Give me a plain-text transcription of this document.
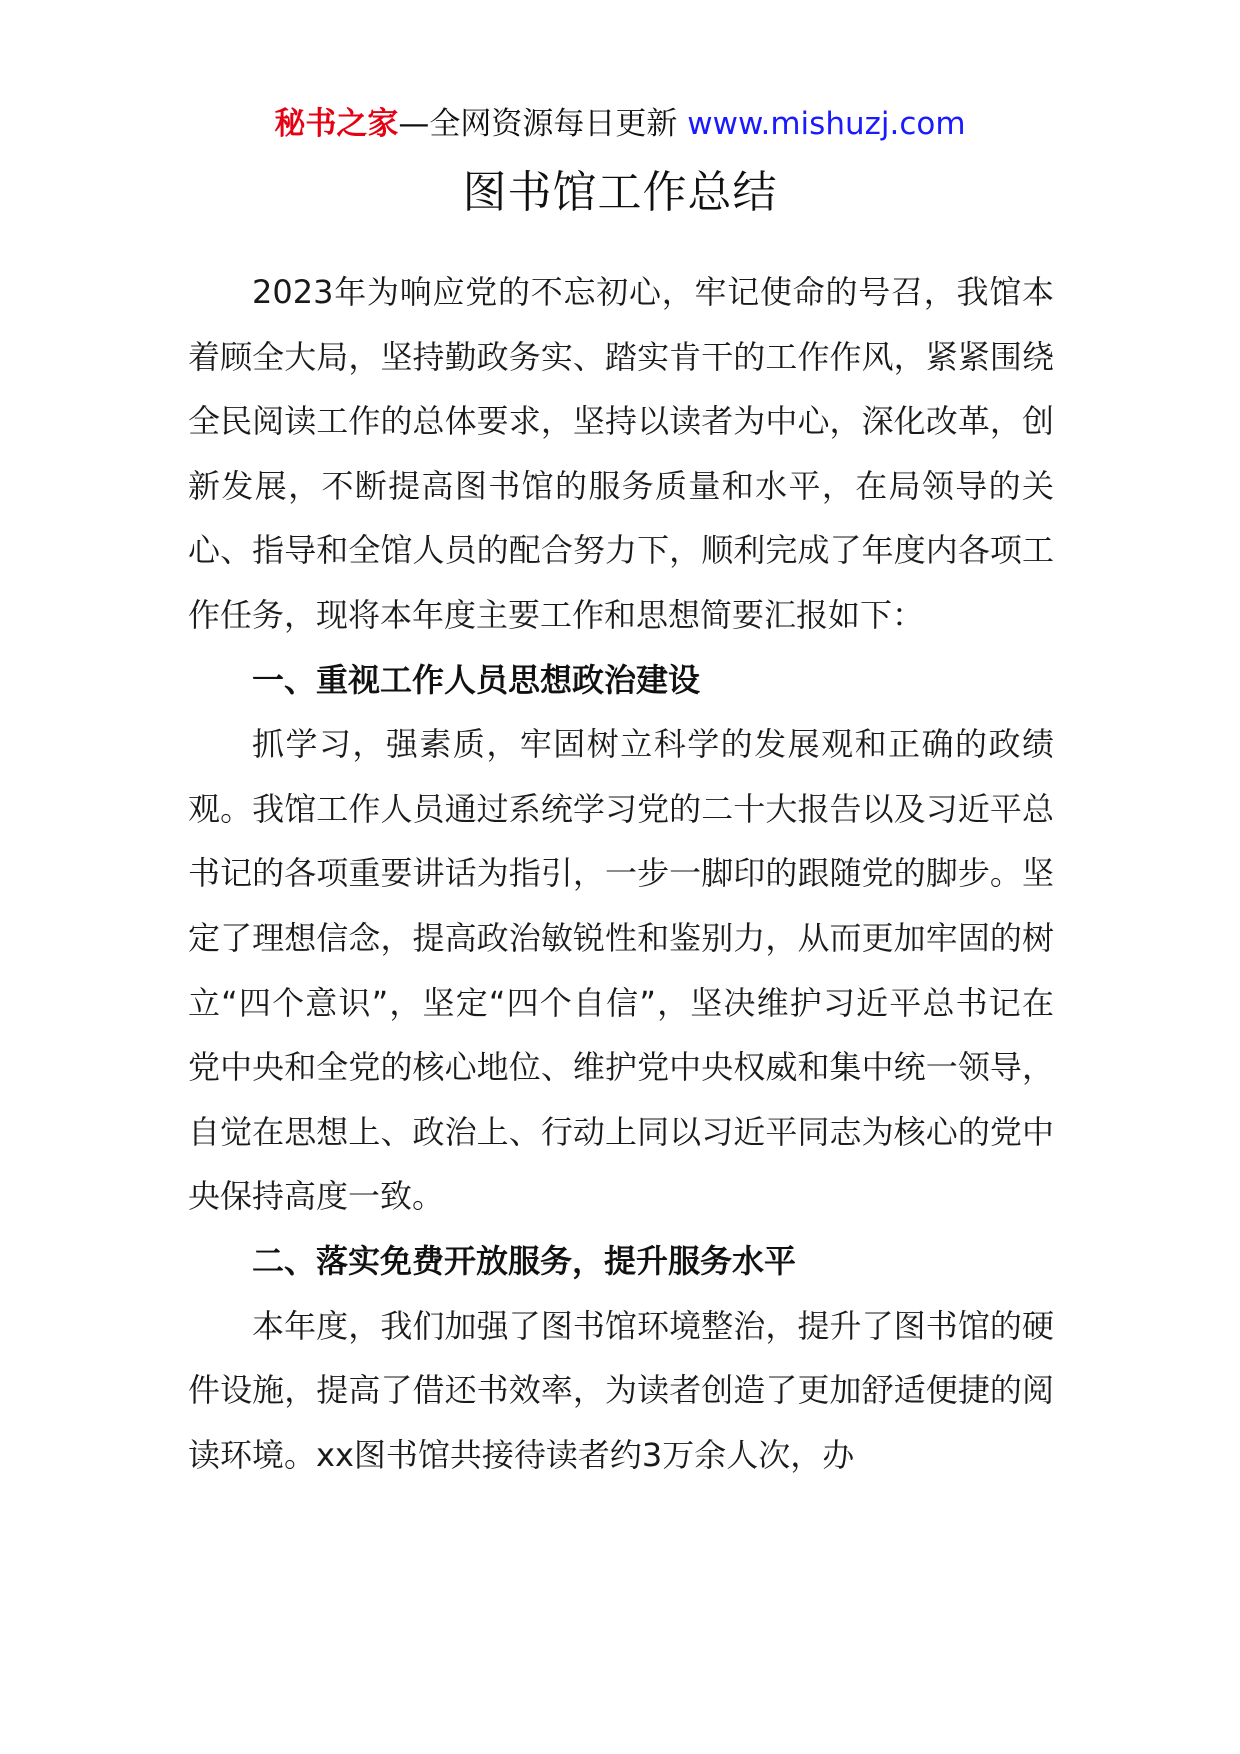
秘书之家—全网资源每日更新 www.mishuzj.com
图书馆工作总结

2023年为响应党的不忘初心，牢记使命的号召，我馆本着顾全大局，坚持勤政务实、踏实肯干的工作作风，紧紧围绕全民阅读工作的总体要求，坚持以读者为中心，深化改革，创新发展，不断提高图书馆的服务质量和水平，在局领导的关心、指导和全馆人员的配合努力下，顺利完成了年度内各项工作任务，现将本年度主要工作和思想简要汇报如下：

一、重视工作人员思想政治建设

抓学习，强素质，牢固树立科学的发展观和正确的政绩观。我馆工作人员通过系统学习党的二十大报告以及习近平总书记的各项重要讲话为指引，一步一脚印的跟随党的脚步。坚定了理想信念，提高政治敏锐性和鉴别力，从而更加牢固的树立“四个意识”，坚定“四个自信”，坚决维护习近平总书记在党中央和全党的核心地位、维护党中央权威和集中统一领导，自觉在思想上、政治上、行动上同以习近平同志为核心的党中央保持高度一致。

二、落实免费开放服务，提升服务水平

本年度，我们加强了图书馆环境整治，提升了图书馆的硬件设施，提高了借还书效率，为读者创造了更加舒适便捷的阅读环境。xx图书馆共接待读者约3万余人次，办
